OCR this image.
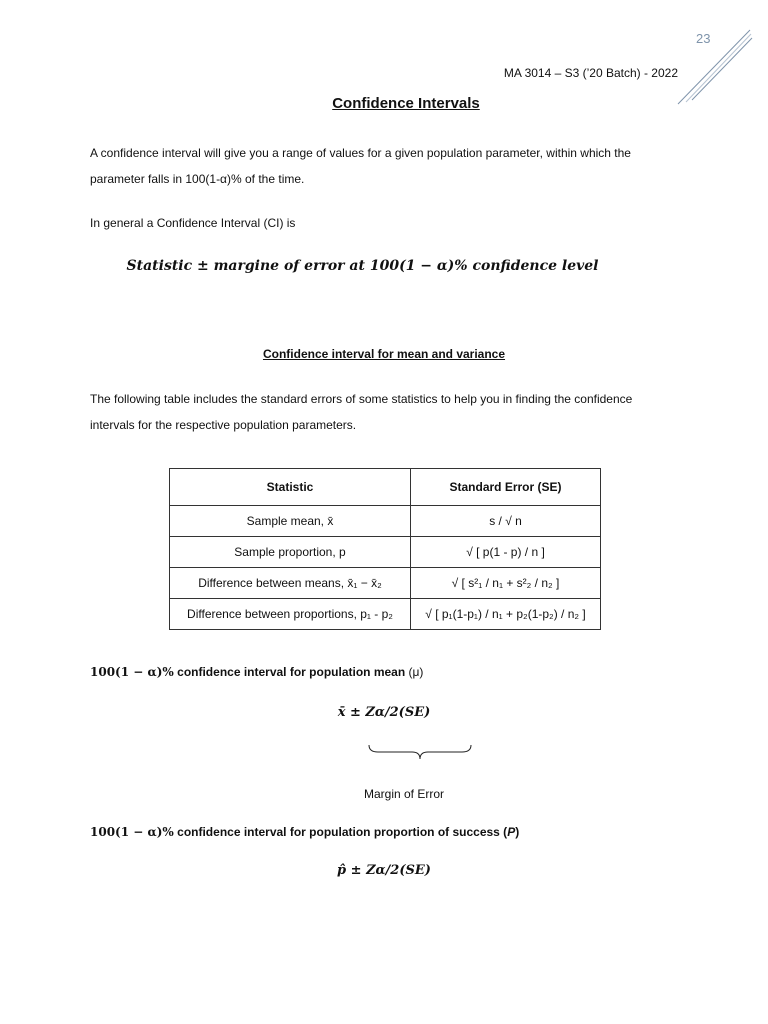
23
MA 3014 – S3 (’20 Batch) - 2022
Confidence Intervals
A confidence interval will give you a range of values for a given population parameter, within which the
parameter falls in 100(1-α)% of the time.
In general a Confidence Interval (CI) is
Statistic ± margine of error at 100(1 − α)% confidence level
Confidence interval for mean and variance
The following table includes the standard errors of some statistics to help you in finding the confidence
intervals for the respective population parameters.
Statistic	Standard Error (SE)
Sample mean, x̄	s / √ n
Sample proportion, p	√ [ p(1 - p) / n ]
Difference between means, x̄₁ − x̄₂	√ [ s²₁ / n₁ + s²₂ / n₂ ]
Difference between proportions, p₁ - p₂	√ [ p₁(1-p₁) / n₁ + p₂(1-p₂) / n₂ ]
100(1 − α)% confidence interval for population mean (μ)
x̄ ± Zα/2(SE)
Margin of Error
100(1 − α)% confidence interval for population proportion of success (P)
p̂ ± Zα/2(SE)
